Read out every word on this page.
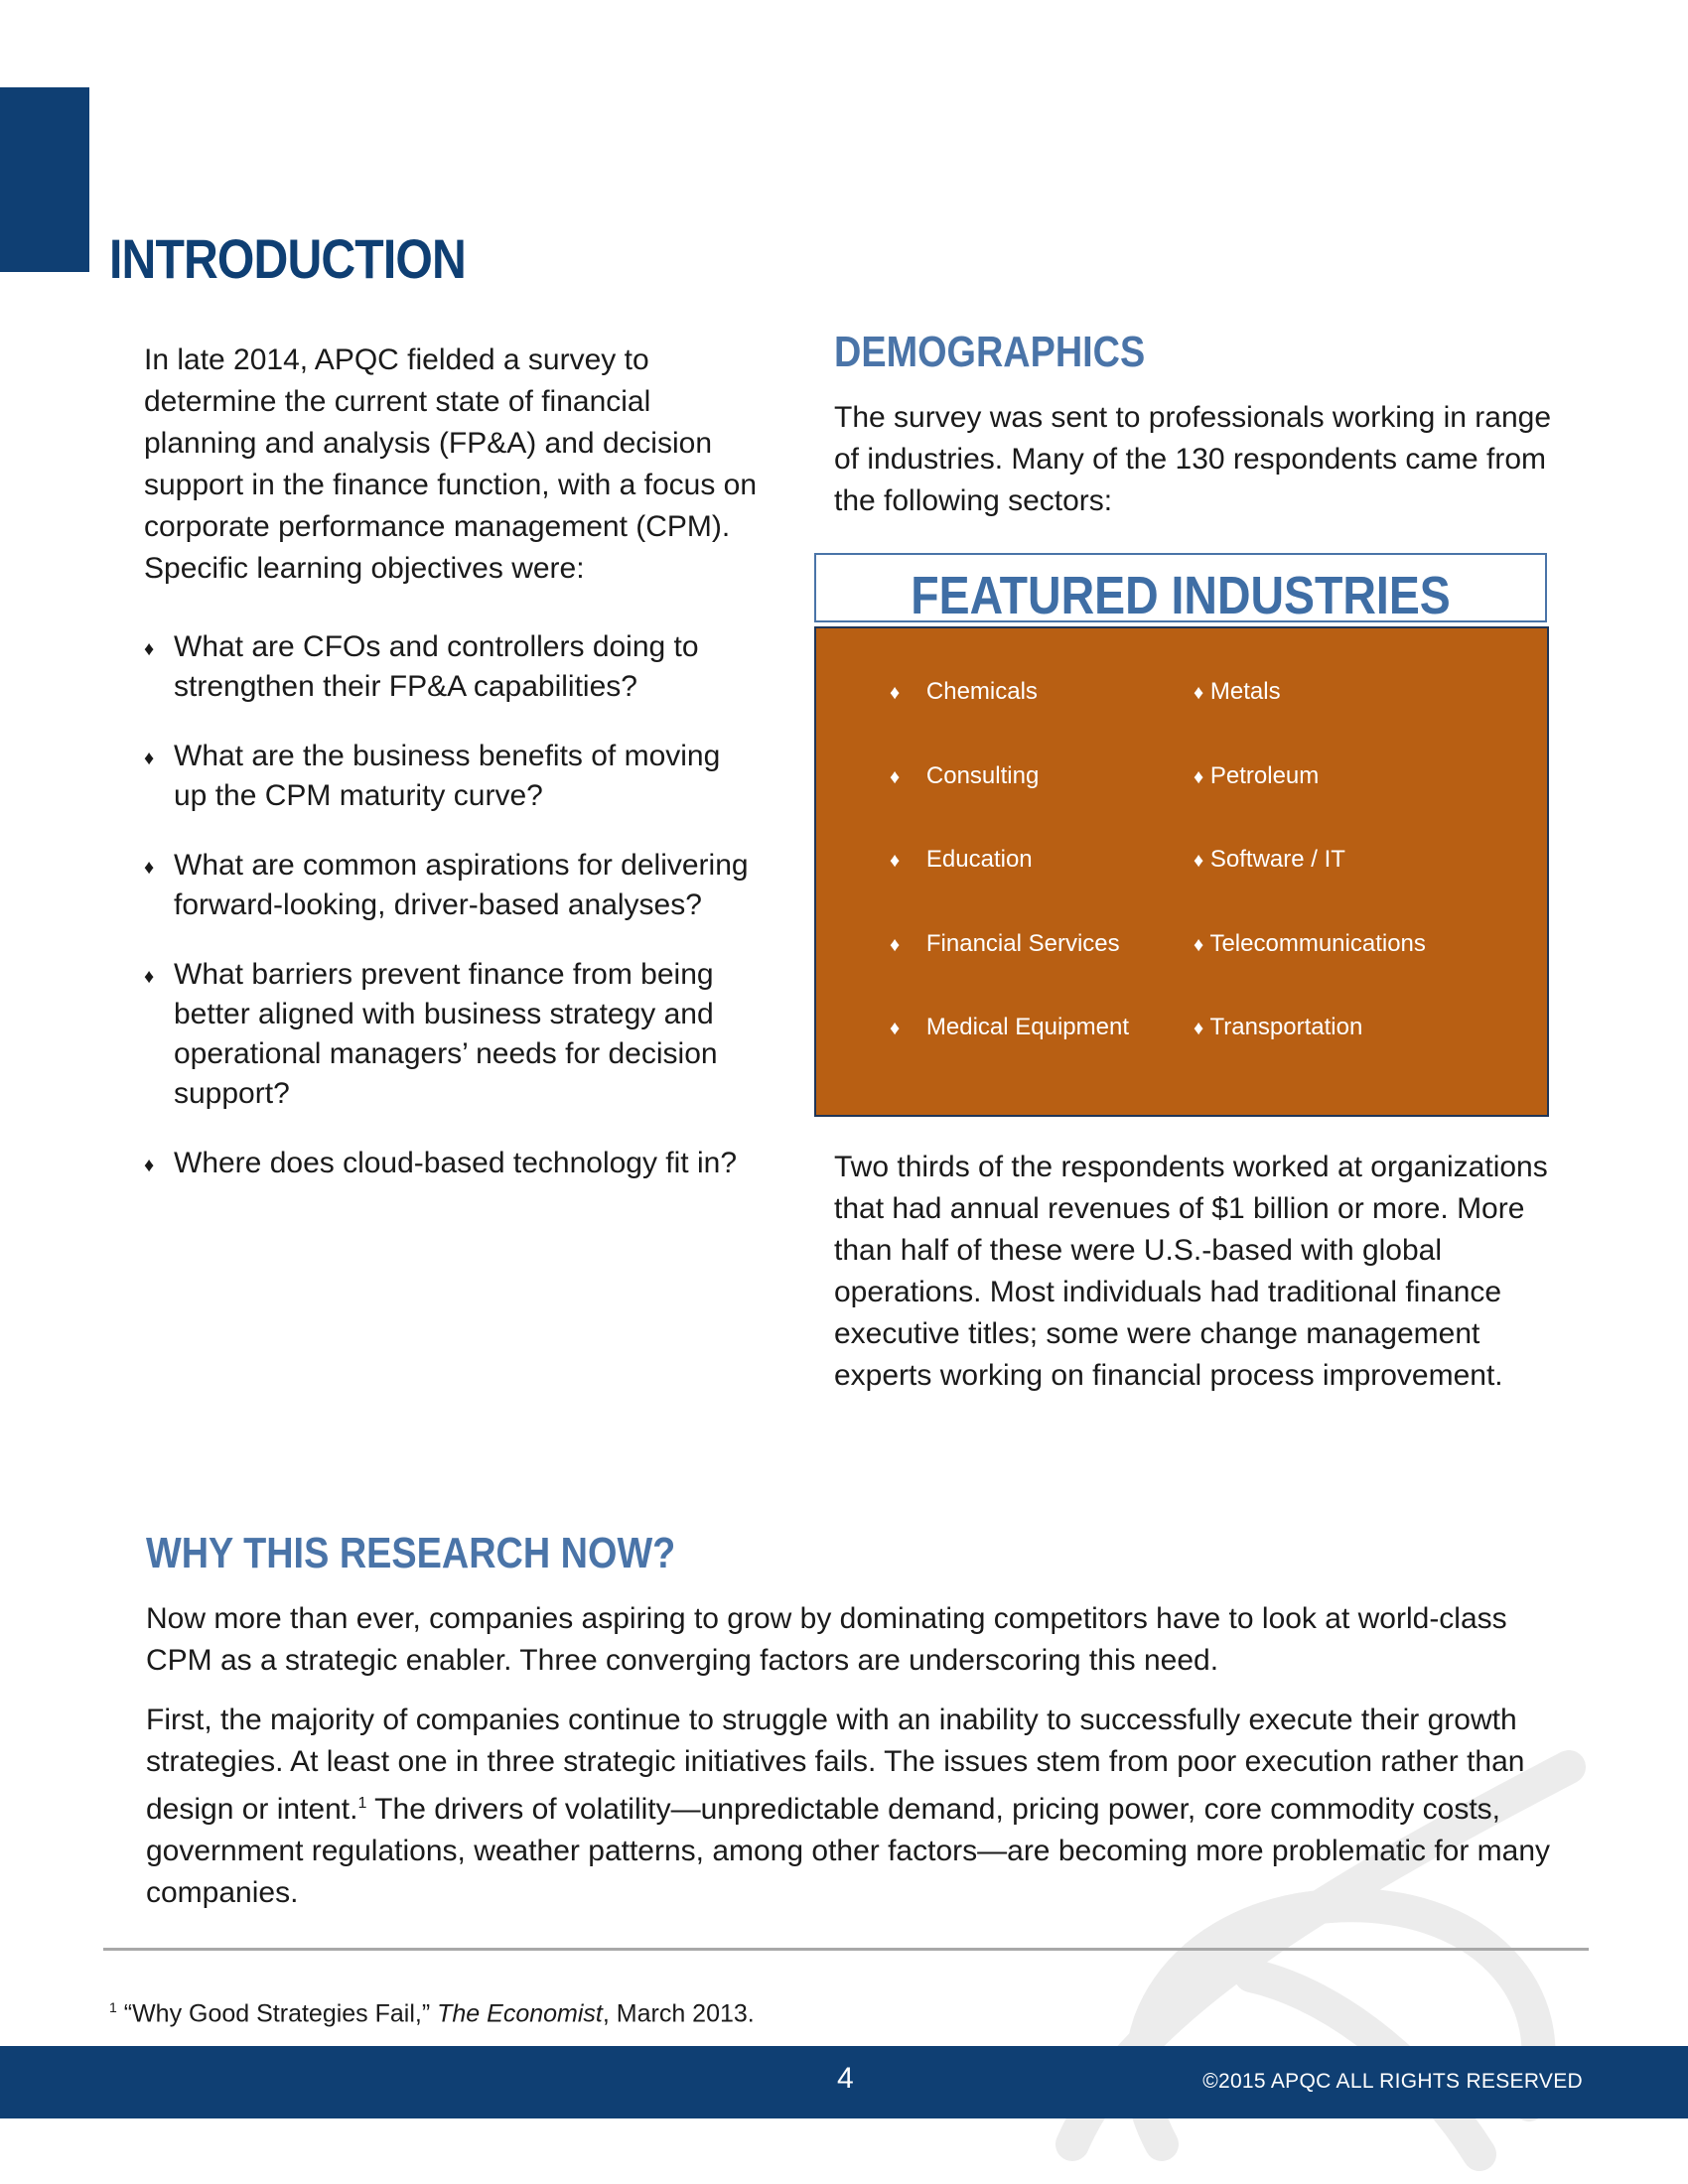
INTRODUCTION

In late 2014, APQC fielded a survey to determine the current state of financial planning and analysis (FP&A) and decision support in the finance function, with a focus on corporate performance management (CPM). Specific learning objectives were:

♦ What are CFOs and controllers doing to strengthen their FP&A capabilities?
♦ What are the business benefits of moving up the CPM maturity curve?
♦ What are common aspirations for delivering forward-looking, driver-based analyses?
♦ What barriers prevent finance from being better aligned with business strategy and operational managers’ needs for decision support?
♦ Where does cloud-based technology fit in?
DEMOGRAPHICS

The survey was sent to professionals working in range of industries. Many of the 130 respondents came from the following sectors:

FEATURED INDUSTRIES
♦ Chemicals
♦ Consulting
♦ Education
♦ Financial Services
♦ Medical Equipment
♦ Metals
♦ Petroleum
♦ Software / IT
♦ Telecommunications
♦ Transportation

Two thirds of the respondents worked at organizations that had annual revenues of $1 billion or more. More than half of these were U.S.-based with global operations. Most individuals had traditional finance executive titles; some were change management experts working on financial process improvement.

WHY THIS RESEARCH NOW?

Now more than ever, companies aspiring to grow by dominating competitors have to look at world-class CPM as a strategic enabler. Three converging factors are underscoring this need.

First, the majority of companies continue to struggle with an inability to successfully execute their growth strategies. At least one in three strategic initiatives fails. The issues stem from poor execution rather than design or intent.$^1$ The drivers of volatility—unpredictable demand, pricing power, core commodity costs, government regulations, weather patterns, among other factors—are becoming more problematic for many companies.

$^1$ “Why Good Strategies Fail,” The Economist, March 2013.
4	©2015 APQC ALL RIGHTS RESERVED
